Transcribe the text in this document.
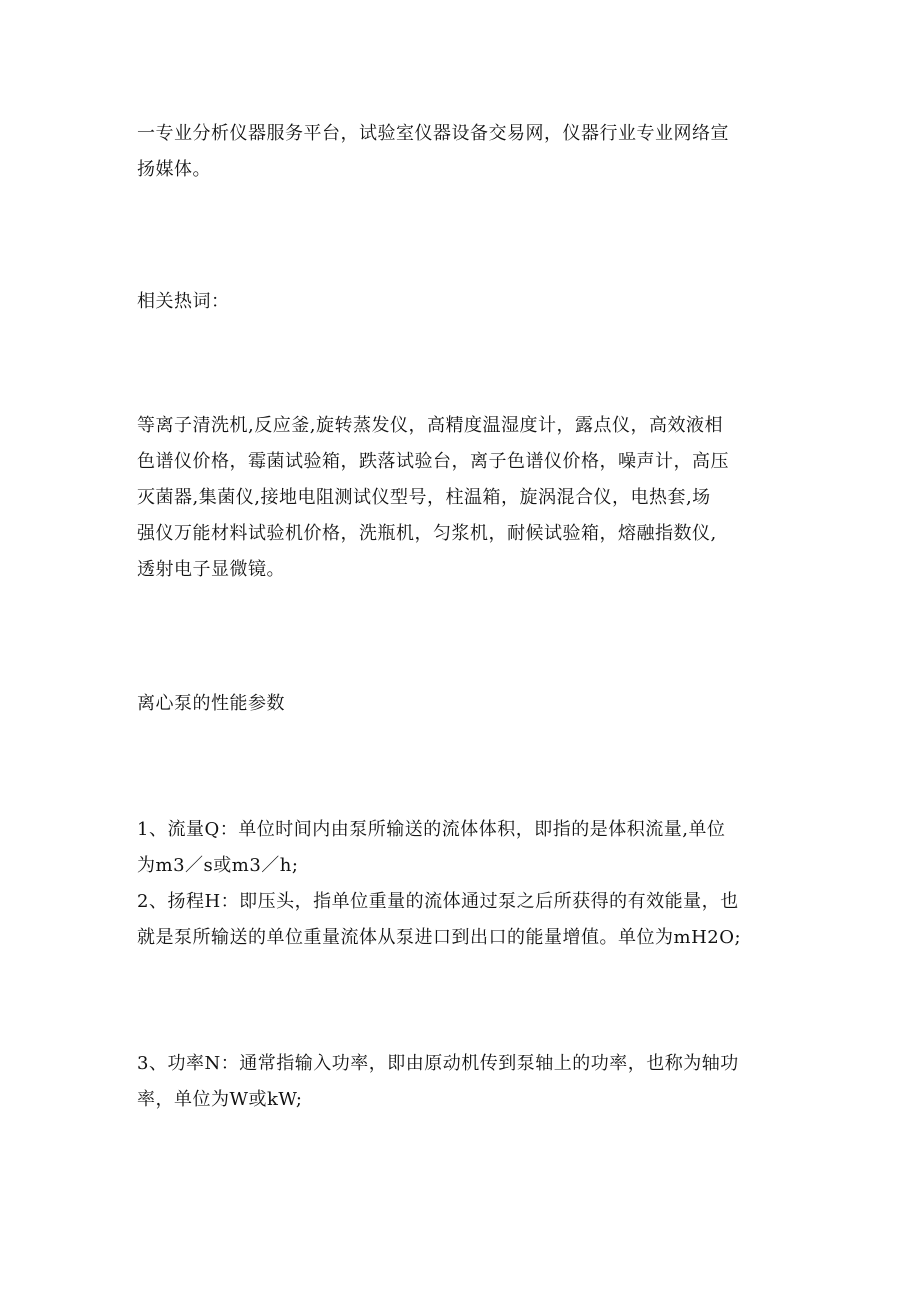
一专业分析仪器服务平台，试验室仪器设备交易网，仪器行业专业网络宣
扬媒体。

相关热词：

等离子清洗机,反应釜,旋转蒸发仪，高精度温湿度计，露点仪，高效液相
色谱仪价格，霉菌试验箱，跌落试验台，离子色谱仪价格，噪声计，高压
灭菌器,集菌仪,接地电阻测试仪型号，柱温箱，旋涡混合仪，电热套,场
强仪万能材料试验机价格，洗瓶机，匀浆机，耐候试验箱，熔融指数仪,
透射电子显微镜。

离心泵的性能参数

1、流量Q：单位时间内由泵所输送的流体体积，即指的是体积流量,单位
为m3／s或m3／h;
2、扬程H：即压头，指单位重量的流体通过泵之后所获得的有效能量，也
就是泵所输送的单位重量流体从泵进口到出口的能量增值。单位为mH2O;

3、功率N：通常指输入功率，即由原动机传到泵轴上的功率，也称为轴功
率，单位为W或kW;
